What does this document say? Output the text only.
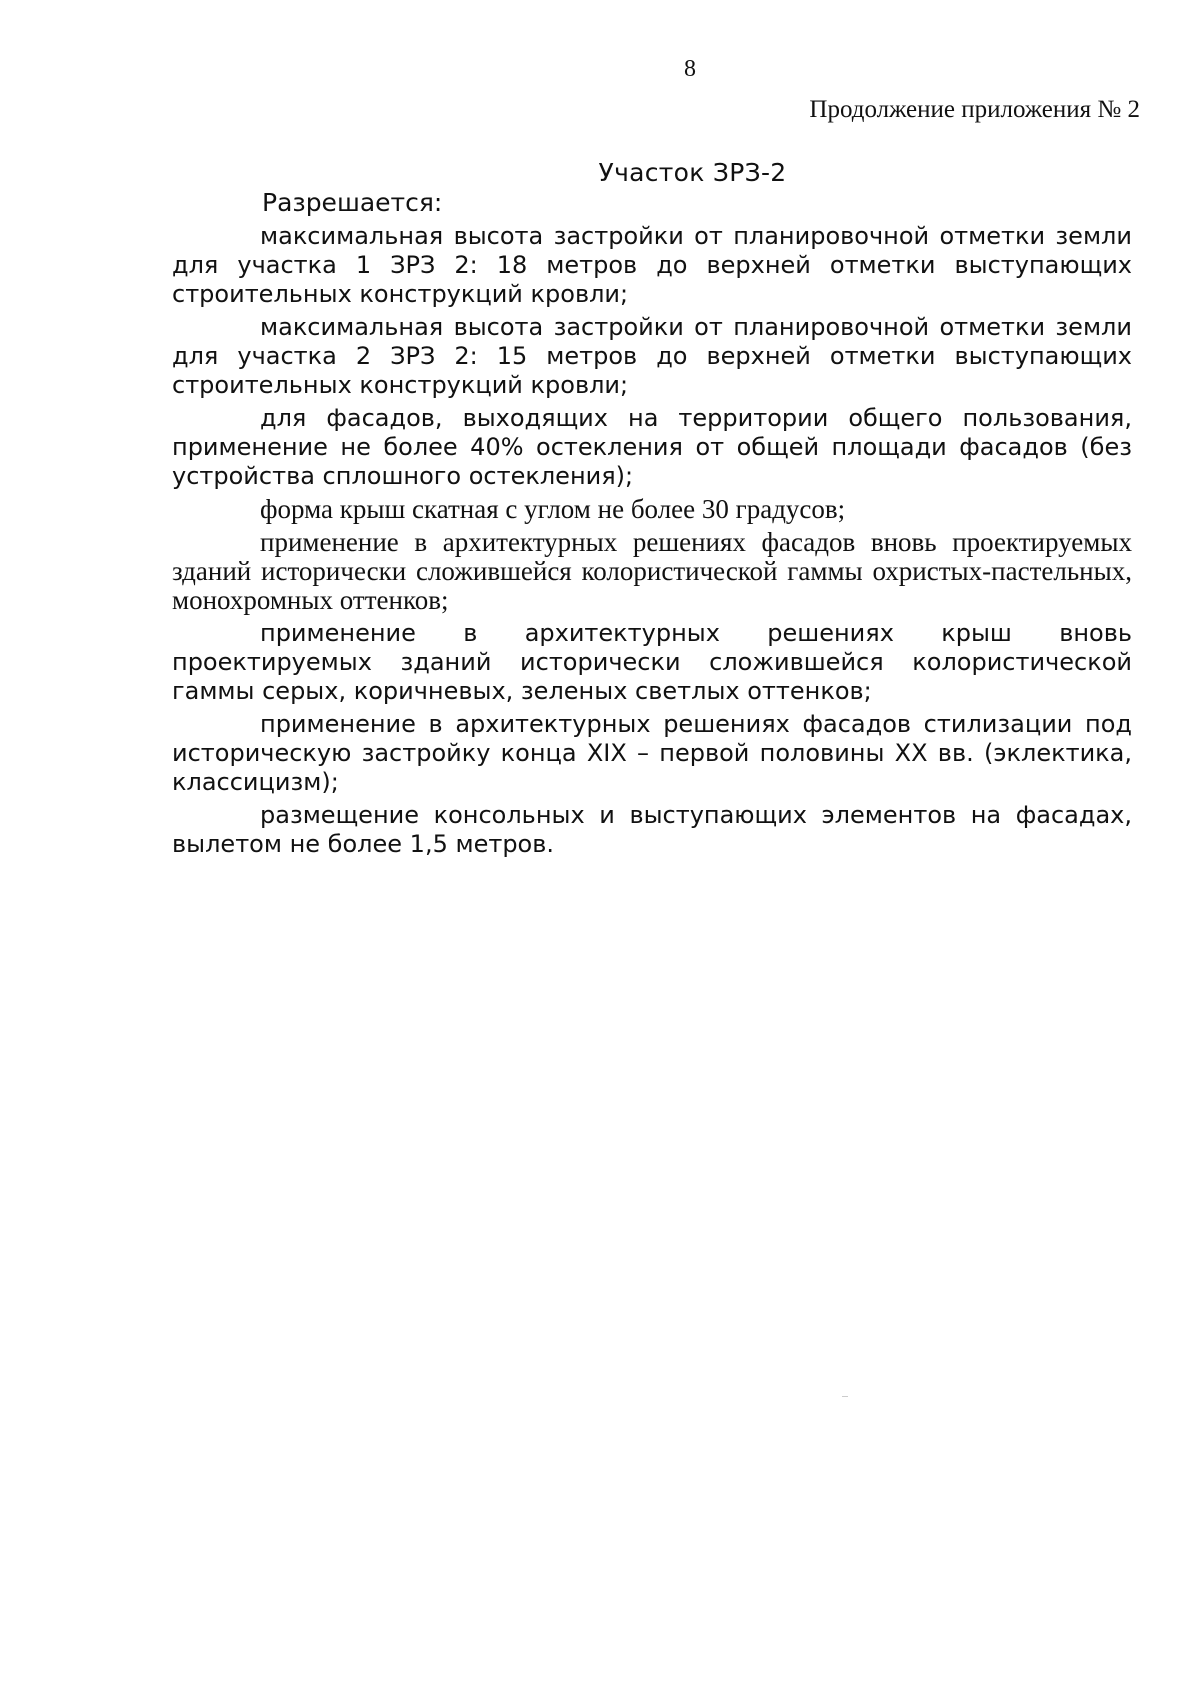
8
Продолжение приложения № 2
Участок ЗРЗ-2
Разрешается:

максимальная высота застройки от планировочной отметки земли для участка 1 ЗРЗ 2: 18 метров до верхней отметки выступающих строительных конструкций кровли;

максимальная высота застройки от планировочной отметки земли для участка 2 ЗРЗ 2: 15 метров до верхней отметки выступающих строительных конструкций кровли;

для фасадов, выходящих на территории общего пользования, применение не более 40% остекления от общей площади фасадов (без устройства сплошного остекления);

форма крыш скатная с углом не более 30 градусов;

применение в архитектурных решениях фасадов вновь проектируемых зданий исторически сложившейся колористической гаммы охристых-пастельных, монохромных оттенков;

применение в архитектурных решениях крыш вновь проектируемых зданий исторически сложившейся колористической гаммы серых, коричневых, зеленых светлых оттенков;

применение в архитектурных решениях фасадов стилизации под историческую застройку конца XIX – первой половины XX вв. (эклектика, классицизм);

размещение консольных и выступающих элементов на фасадах, вылетом не более 1,5 метров.
